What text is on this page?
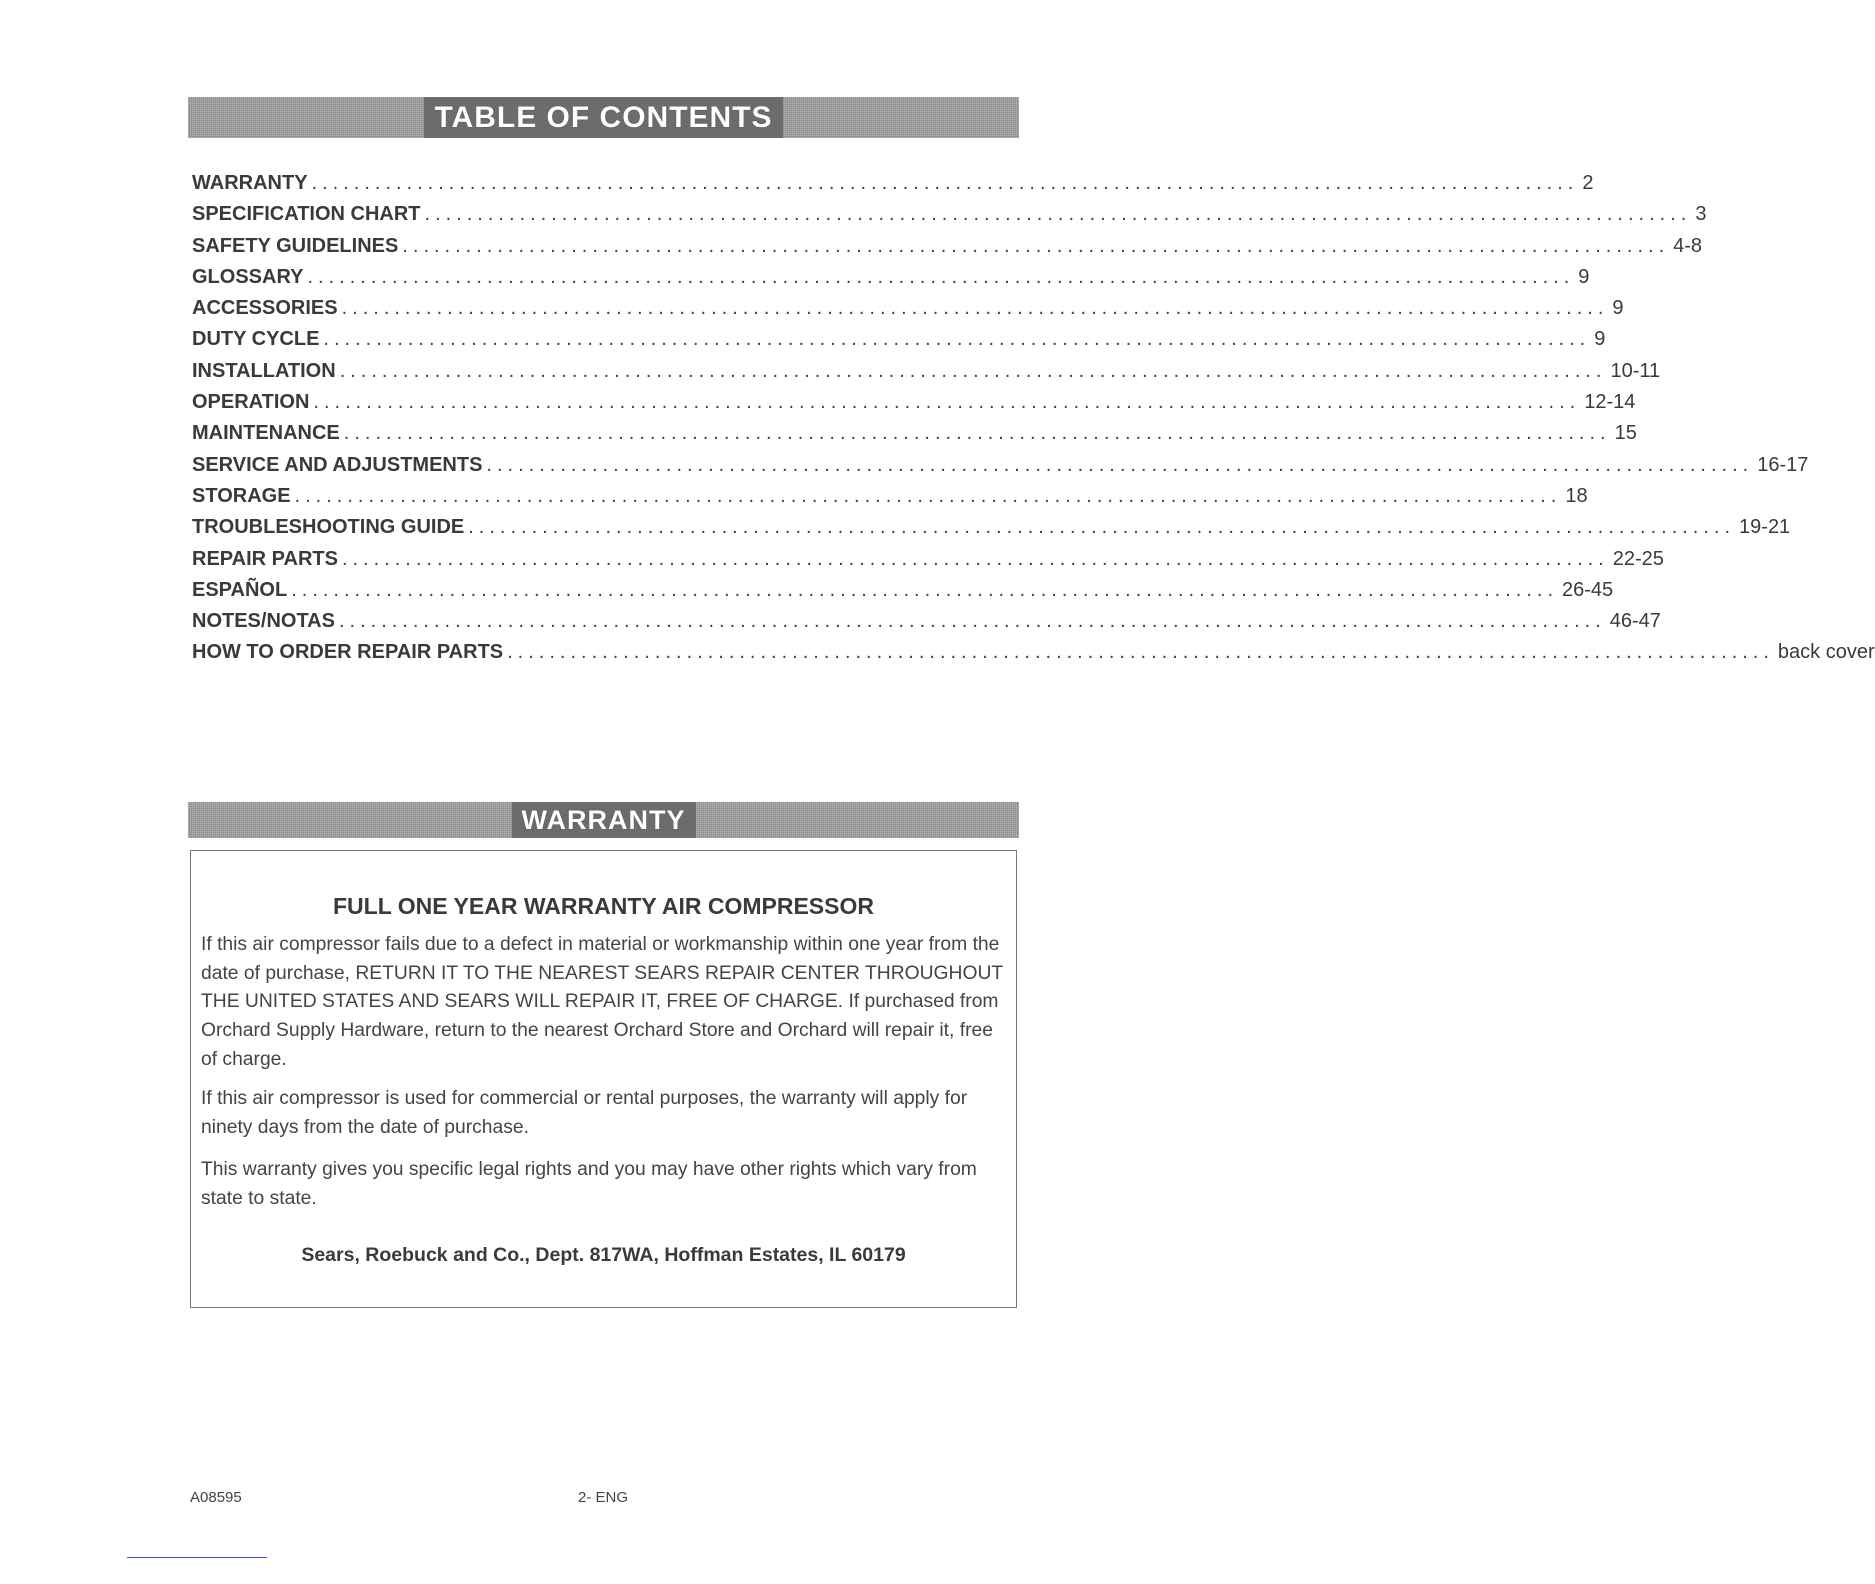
TABLE OF CONTENTS
WARRANTY ........................................................................................................................ 2
SPECIFICATION CHART ........................................................................................................................ 3
SAFETY GUIDELINES ........................................................................................................................ 4-8
GLOSSARY ........................................................................................................................ 9
ACCESSORIES ........................................................................................................................ 9
DUTY CYCLE ........................................................................................................................ 9
INSTALLATION ........................................................................................................................ 10-11
OPERATION ........................................................................................................................ 12-14
MAINTENANCE ........................................................................................................................ 15
SERVICE AND ADJUSTMENTS ........................................................................................................................ 16-17
STORAGE ........................................................................................................................ 18
TROUBLESHOOTING GUIDE ........................................................................................................................ 19-21
REPAIR PARTS ........................................................................................................................ 22-25
ESPAÑOL ........................................................................................................................ 26-45
NOTES/NOTAS ........................................................................................................................ 46-47
HOW TO ORDER REPAIR PARTS ........................................................................................................................ back cover
WARRANTY
FULL ONE YEAR WARRANTY AIR COMPRESSOR
If this air compressor fails due to a defect in material or workmanship within one year from the date of purchase, RETURN IT TO THE NEAREST SEARS REPAIR CENTER THROUGHOUT THE UNITED STATES AND SEARS WILL REPAIR IT, FREE OF CHARGE. If purchased from Orchard Supply Hardware, return to the nearest Orchard Store and Orchard will repair it, free of charge.
If this air compressor is used for commercial or rental purposes, the warranty will apply for ninety days from the date of purchase.
This warranty gives you specific legal rights and you may have other rights which vary from state to state.
Sears, Roebuck and Co., Dept. 817WA, Hoffman Estates, IL 60179
A08595	2- ENG
